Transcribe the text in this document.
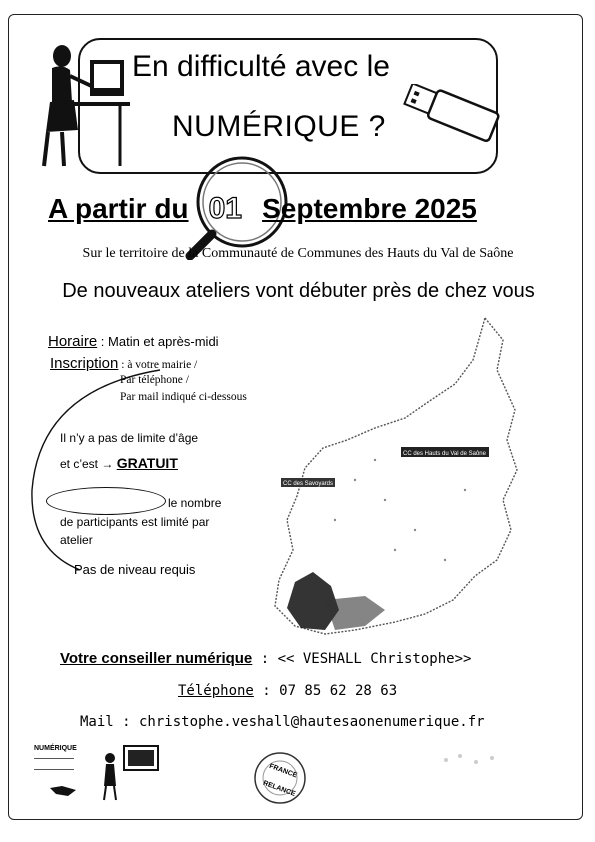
En difficulté avec le
NUMÉRIQUE ?
A partir du 01 Septembre 2025
Sur le territoire de la Communauté de Communes des Hauts du Val de Saône
De nouveaux ateliers vont débuter près de chez vous
CC des Hauts du Val de Saône
CC des Savoyards
Horaire : Matin et après-midi
Inscription : à votre mairie /
Par téléphone /
Par mail indiqué ci-dessous
Il n’y a pas de limite d’âge
et c’est → GRATUIT
le nombre
de participants est limité par
atelier
Pas de niveau requis
Votre conseiller numérique : << VESHALL Christophe>>
Téléphone : 07 85 62 28 63
Mail : christophe.veshall@hautesaonenumerique.fr
NUMÉRIQUE
FRANCE
RELANCE
